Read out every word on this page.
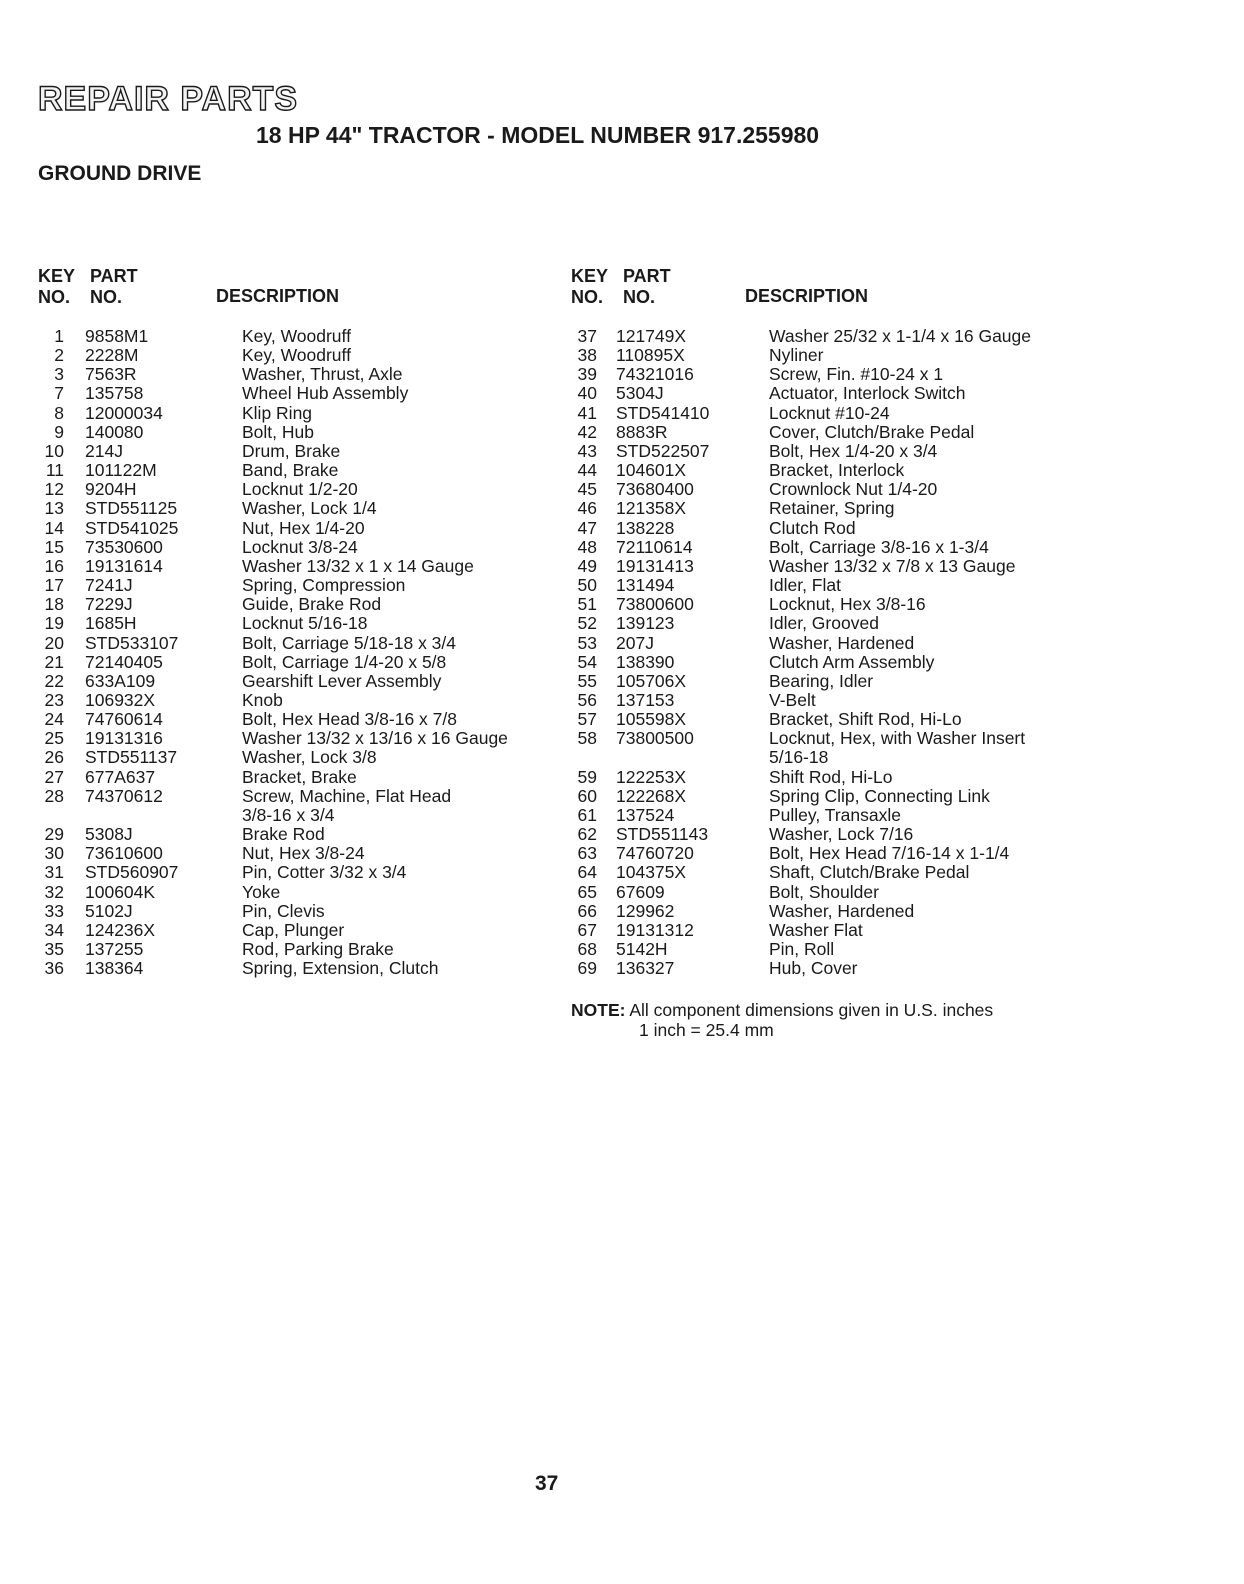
REPAIR PARTS
18 HP 44" TRACTOR - MODEL NUMBER 917.255980
GROUND DRIVE
KEY
NO.
PART
NO.	DESCRIPTION
1	9858M1	Key, Woodruff
2	2228M	Key, Woodruff
3	7563R	Washer, Thrust, Axle
7	135758	Wheel Hub Assembly
8	12000034	Klip Ring
9	140080	Bolt, Hub
10	214J	Drum, Brake
11	101122M	Band, Brake
12	9204H	Locknut 1/2-20
13	STD551125	Washer, Lock 1/4
14	STD541025	Nut, Hex 1/4-20
15	73530600	Locknut 3/8-24
16	19131614	Washer 13/32 x 1 x 14 Gauge
17	7241J	Spring, Compression
18	7229J	Guide, Brake Rod
19	1685H	Locknut 5/16-18
20	STD533107	Bolt, Carriage 5/18-18 x 3/4
21	72140405	Bolt, Carriage 1/4-20 x 5/8
22	633A109	Gearshift Lever Assembly
23	106932X	Knob
24	74760614	Bolt, Hex Head 3/8-16 x 7/8
25	19131316	Washer 13/32 x 13/16 x 16 Gauge
26	STD551137	Washer, Lock 3/8
27	677A637	Bracket, Brake
28	74370612	Screw, Machine, Flat Head
3/8-16 x 3/4
29	5308J	Brake Rod
30	73610600	Nut, Hex 3/8-24
31	STD560907	Pin, Cotter 3/32 x 3/4
32	100604K	Yoke
33	5102J	Pin, Clevis
34	124236X	Cap, Plunger
35	137255	Rod, Parking Brake
36	138364	Spring, Extension, Clutch
KEY
NO.
PART
NO.	DESCRIPTION
37	121749X	Washer 25/32 x 1-1/4 x 16 Gauge
38	110895X	Nyliner
39	74321016	Screw, Fin. #10-24 x 1
40	5304J	Actuator, Interlock Switch
41	STD541410	Locknut #10-24
42	8883R	Cover, Clutch/Brake Pedal
43	STD522507	Bolt, Hex 1/4-20 x 3/4
44	104601X	Bracket, Interlock
45	73680400	Crownlock Nut 1/4-20
46	121358X	Retainer, Spring
47	138228	Clutch Rod
48	72110614	Bolt, Carriage 3/8-16 x 1-3/4
49	19131413	Washer 13/32 x 7/8 x 13 Gauge
50	131494	Idler, Flat
51	73800600	Locknut, Hex 3/8-16
52	139123	Idler, Grooved
53	207J	Washer, Hardened
54	138390	Clutch Arm Assembly
55	105706X	Bearing, Idler
56	137153	V-Belt
57	105598X	Bracket, Shift Rod, Hi-Lo
58	73800500	Locknut, Hex, with Washer Insert
5/16-18
59	122253X	Shift Rod, Hi-Lo
60	122268X	Spring Clip, Connecting Link
61	137524	Pulley, Transaxle
62	STD551143	Washer, Lock 7/16
63	74760720	Bolt, Hex Head 7/16-14 x 1-1/4
64	104375X	Shaft, Clutch/Brake Pedal
65	67609	Bolt, Shoulder
66	129962	Washer, Hardened
67	19131312	Washer Flat
68	5142H	Pin, Roll
69	136327	Hub, Cover
NOTE: All component dimensions given in U.S. inches
1 inch = 25.4 mm
37
